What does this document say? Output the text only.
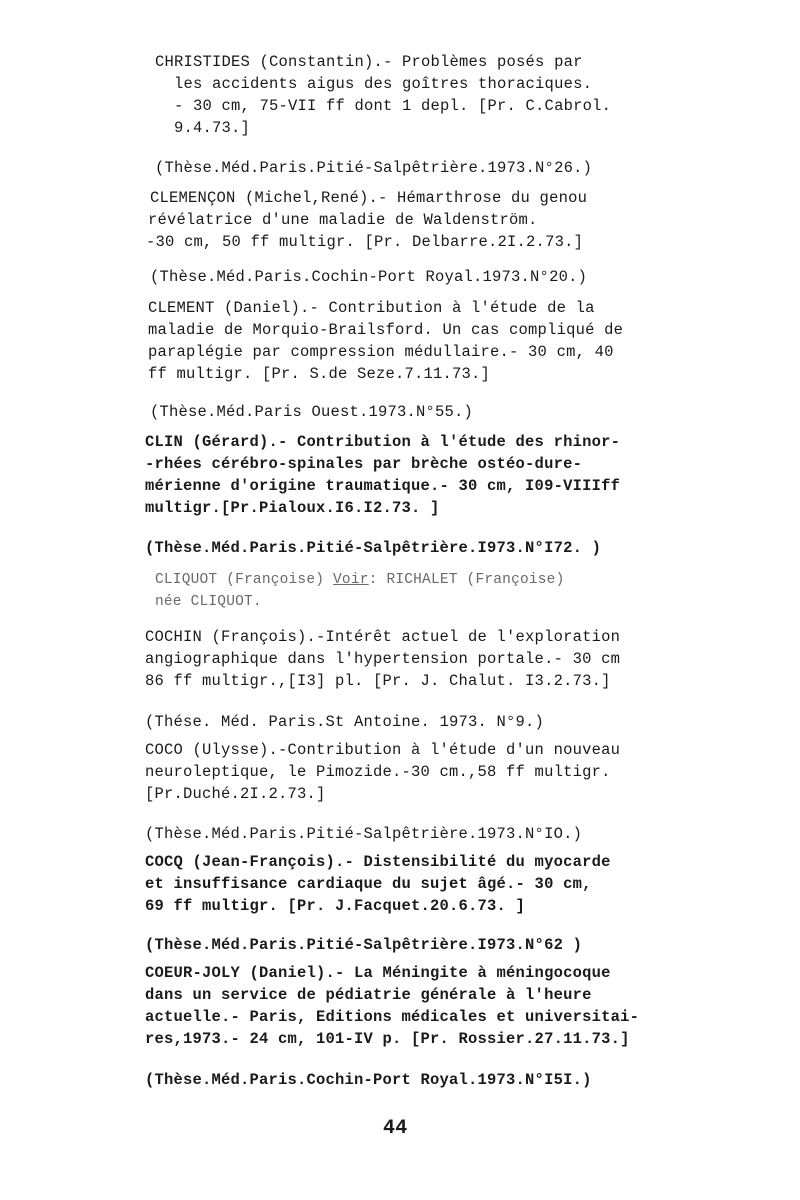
CHRISTIDES (Constantin).- Problèmes posés par
les accidents aigus des goîtres thoraciques.
- 30 cm, 75-VII ff dont 1 depl. [Pr. C.Cabrol.
9.4.73.]
(Thèse.Méd.Paris.Pitié-Salpêtrière.1973.N°26.)
CLEMENÇON (Michel,René).- Hémarthrose du genou
révélatrice d'une maladie de Waldenström.
-30 cm, 50 ff multigr. [Pr. Delbarre.2I.2.73.]
(Thèse.Méd.Paris.Cochin-Port Royal.1973.N°20.)
CLEMENT (Daniel).- Contribution à l'étude de la
maladie de Morquio-Brailsford. Un cas compliqué de
paraplégie par compression médullaire.- 30 cm, 40
ff multigr. [Pr. S.de Seze.7.11.73.]
(Thèse.Méd.Paris Ouest.1973.N°55.)
CLIN (Gérard).- Contribution à l'étude des rhinor-
-rhées cérébro-spinales par brèche ostéo-dure-
mérienne d'origine traumatique.- 30 cm, I09-VIIIff
multigr.[Pr.Pialoux.I6.I2.73. ]
(Thèse.Méd.Paris.Pitié-Salpêtrière.I973.N°I72. )
CLIQUOT (Françoise) Voir: RICHALET (Françoise)
née CLIQUOT.
COCHIN (François).-Intérêt actuel de l'exploration
angiographique dans l'hypertension portale.- 30 cm
86 ff multigr.,[I3] pl. [Pr. J. Chalut. I3.2.73.]
(Thése. Méd. Paris.St Antoine. 1973. N°9.)
COCO (Ulysse).-Contribution à l'étude d'un nouveau
neuroleptique, le Pimozide.-30 cm.,58 ff multigr.
[Pr.Duché.2I.2.73.]
(Thèse.Méd.Paris.Pitié-Salpêtrière.1973.N°IO.)
COCQ (Jean-François).- Distensibilité du myocarde
et insuffisance cardiaque du sujet âgé.- 30 cm,
69 ff multigr. [Pr. J.Facquet.20.6.73. ]
(Thèse.Méd.Paris.Pitié-Salpêtrière.I973.N°62 )
COEUR-JOLY (Daniel).- La Méningite à méningocoque
dans un service de pédiatrie générale à l'heure
actuelle.- Paris, Editions médicales et universitai-
res,1973.- 24 cm, 101-IV p. [Pr. Rossier.27.11.73.]
(Thèse.Méd.Paris.Cochin-Port Royal.1973.N°I5I.)
44
